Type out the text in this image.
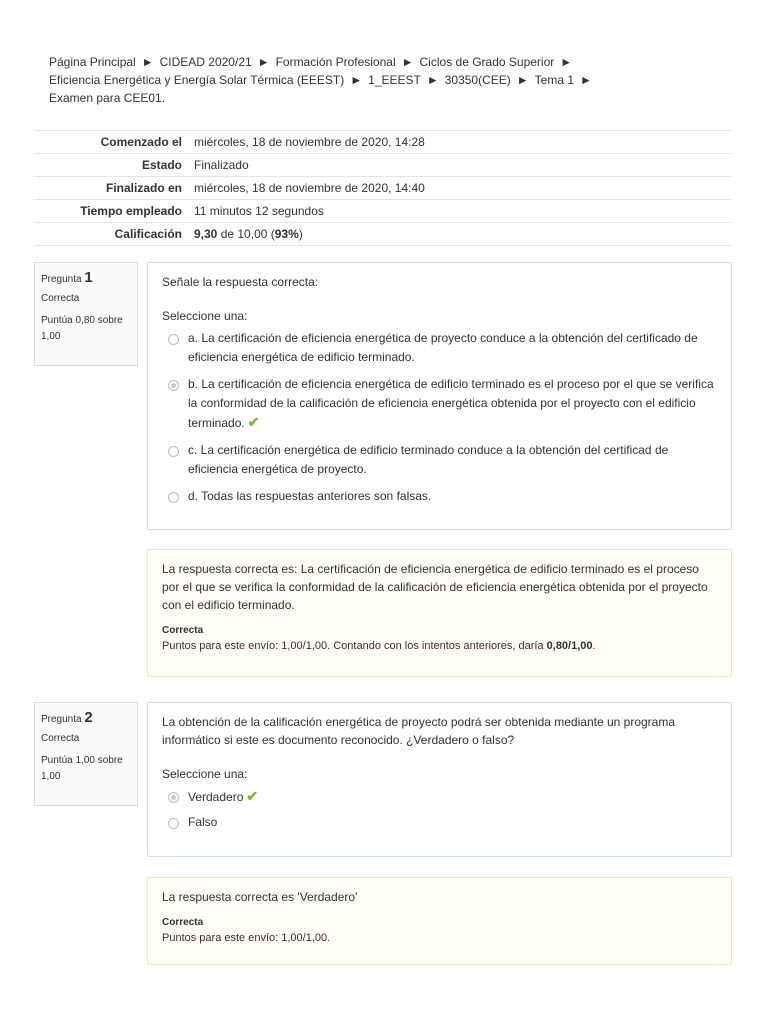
Página Principal ► CIDEAD 2020/21 ► Formación Profesional ► Ciclos de Grado Superior ►
Eficiencia Energética y Energía Solar Térmica (EEEST) ► 1_EEEST ► 30350(CEE) ► Tema 1 ►
Examen para CEE01.
Comenzado el	miércoles, 18 de noviembre de 2020, 14:28
Estado	Finalizado
Finalizado en	miércoles, 18 de noviembre de 2020, 14:40
Tiempo empleado	11 minutos 12 segundos
Calificación	9,30 de 10,00 (93%)
Pregunta 1
Correcta
Puntúa 0,80 sobre 1,00
Señale la respuesta correcta:
Seleccione una:
a. La certificación de eficiencia energética de proyecto conduce a la obtención del certificado de eficiencia energética de edificio terminado.
b. La certificación de eficiencia energética de edificio terminado es el proceso por el que se verifica la conformidad de la calificación de eficiencia energética obtenida por el proyecto con el edificio terminado. ✔
c. La certificación energética de edificio terminado conduce a la obtención del certificad de eficiencia energética de proyecto.
d. Todas las respuestas anteriores son falsas.
La respuesta correcta es: La certificación de eficiencia energética de edificio terminado es el proceso por el que se verifica la conformidad de la calificación de eficiencia energética obtenida por el proyecto con el edificio terminado.
Correcta
Puntos para este envío: 1,00/1,00. Contando con los intentos anteriores, daría 0,80/1,00.
Pregunta 2
Correcta
Puntúa 1,00 sobre 1,00
La obtención de la calificación energética de proyecto podrá ser obtenida mediante un programa informático si este es documento reconocido. ¿Verdadero o falso?
Seleccione una:
Verdadero ✔
Falso
La respuesta correcta es 'Verdadero'
Correcta
Puntos para este envío: 1,00/1,00.
